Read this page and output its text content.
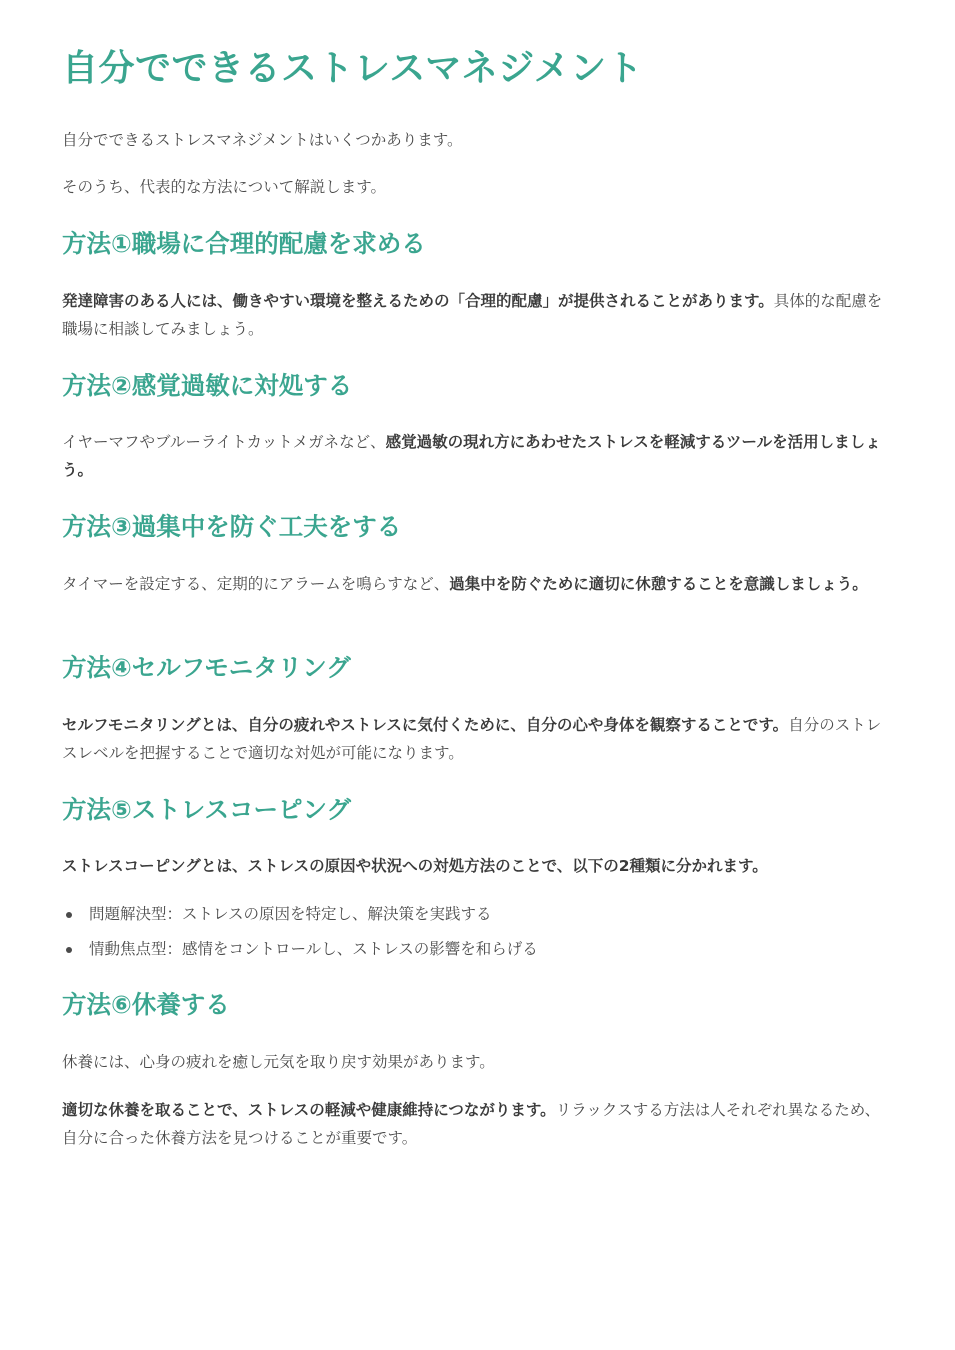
自分でできるストレスマネジメント

自分でできるストレスマネジメントはいくつかあります。

そのうち、代表的な方法について解説します。

方法①職場に合理的配慮を求める

発達障害のある人には、働きやすい環境を整えるための「合理的配慮」が提供されることがあります。具体的な配慮を職場に相談してみましょう。

方法②感覚過敏に対処する

イヤーマフやブルーライトカットメガネなど、感覚過敏の現れ方にあわせたストレスを軽減するツールを活用しましょう。

方法③過集中を防ぐ工夫をする

タイマーを設定する、定期的にアラームを鳴らすなど、過集中を防ぐために適切に休憩することを意識しましょう。

方法④セルフモニタリング

セルフモニタリングとは、自分の疲れやストレスに気付くために、自分の心や身体を観察することです。自分のストレスレベルを把握することで適切な対処が可能になります。

方法⑤ストレスコーピング

ストレスコーピングとは、ストレスの原因や状況への対処方法のことで、以下の2種類に分かれます。

問題解決型：ストレスの原因を特定し、解決策を実践する
情動焦点型：感情をコントロールし、ストレスの影響を和らげる
方法⑥休養する

休養には、心身の疲れを癒し元気を取り戻す効果があります。

適切な休養を取ることで、ストレスの軽減や健康維持につながります。リラックスする方法は人それぞれ異なるため、自分に合った休養方法を見つけることが重要です。
